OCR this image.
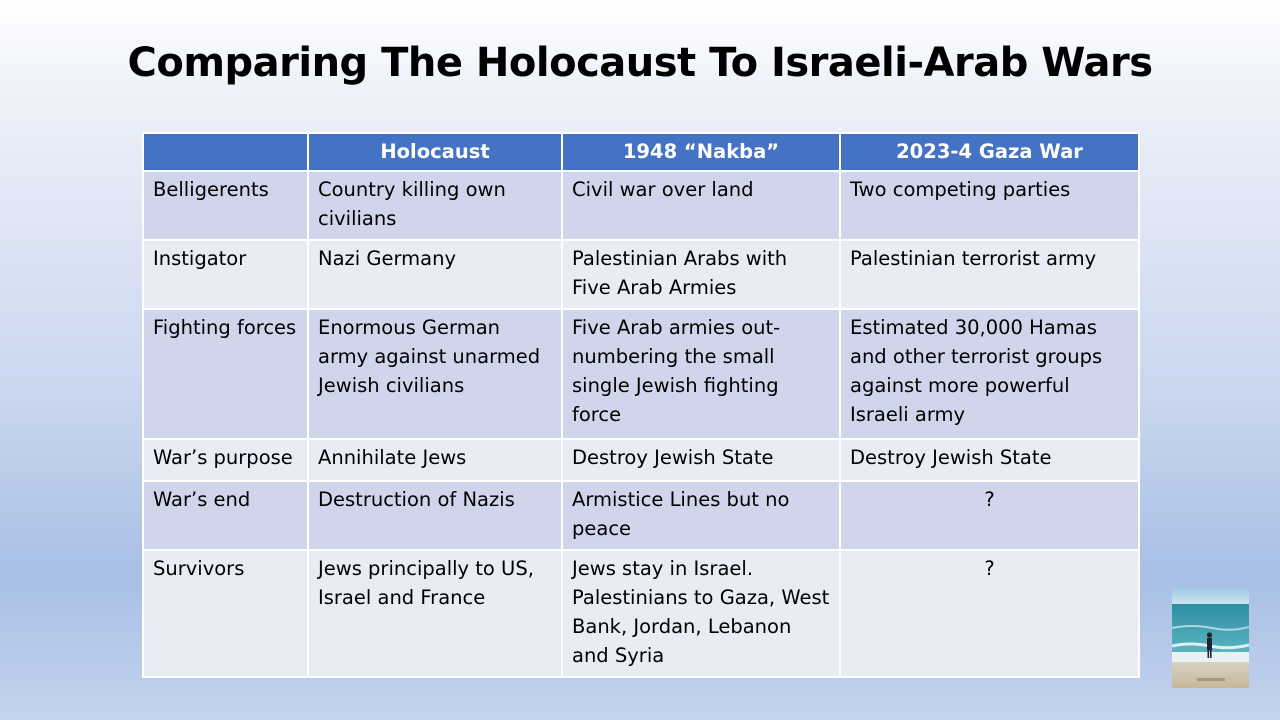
Comparing The Holocaust To Israeli-Arab Wars
	Holocaust	1948 “Nakba”	2023-4 Gaza War
Belligerents	Country killing own civilians	Civil war over land	Two competing parties
Instigator	Nazi Germany	Palestinian Arabs with Five Arab Armies	Palestinian terrorist army
Fighting forces	Enormous German army against unarmed Jewish civilians	Five Arab armies out-numbering the small single Jewish fighting force	Estimated 30,000 Hamas and other terrorist groups against more powerful Israeli army
War’s purpose	Annihilate Jews	Destroy Jewish State	Destroy Jewish State
War’s end	Destruction of Nazis	Armistice Lines but no peace	?
Survivors	Jews principally to US, Israel and France	Jews stay in Israel. Palestinians to Gaza, West Bank, Jordan, Lebanon and Syria	?
